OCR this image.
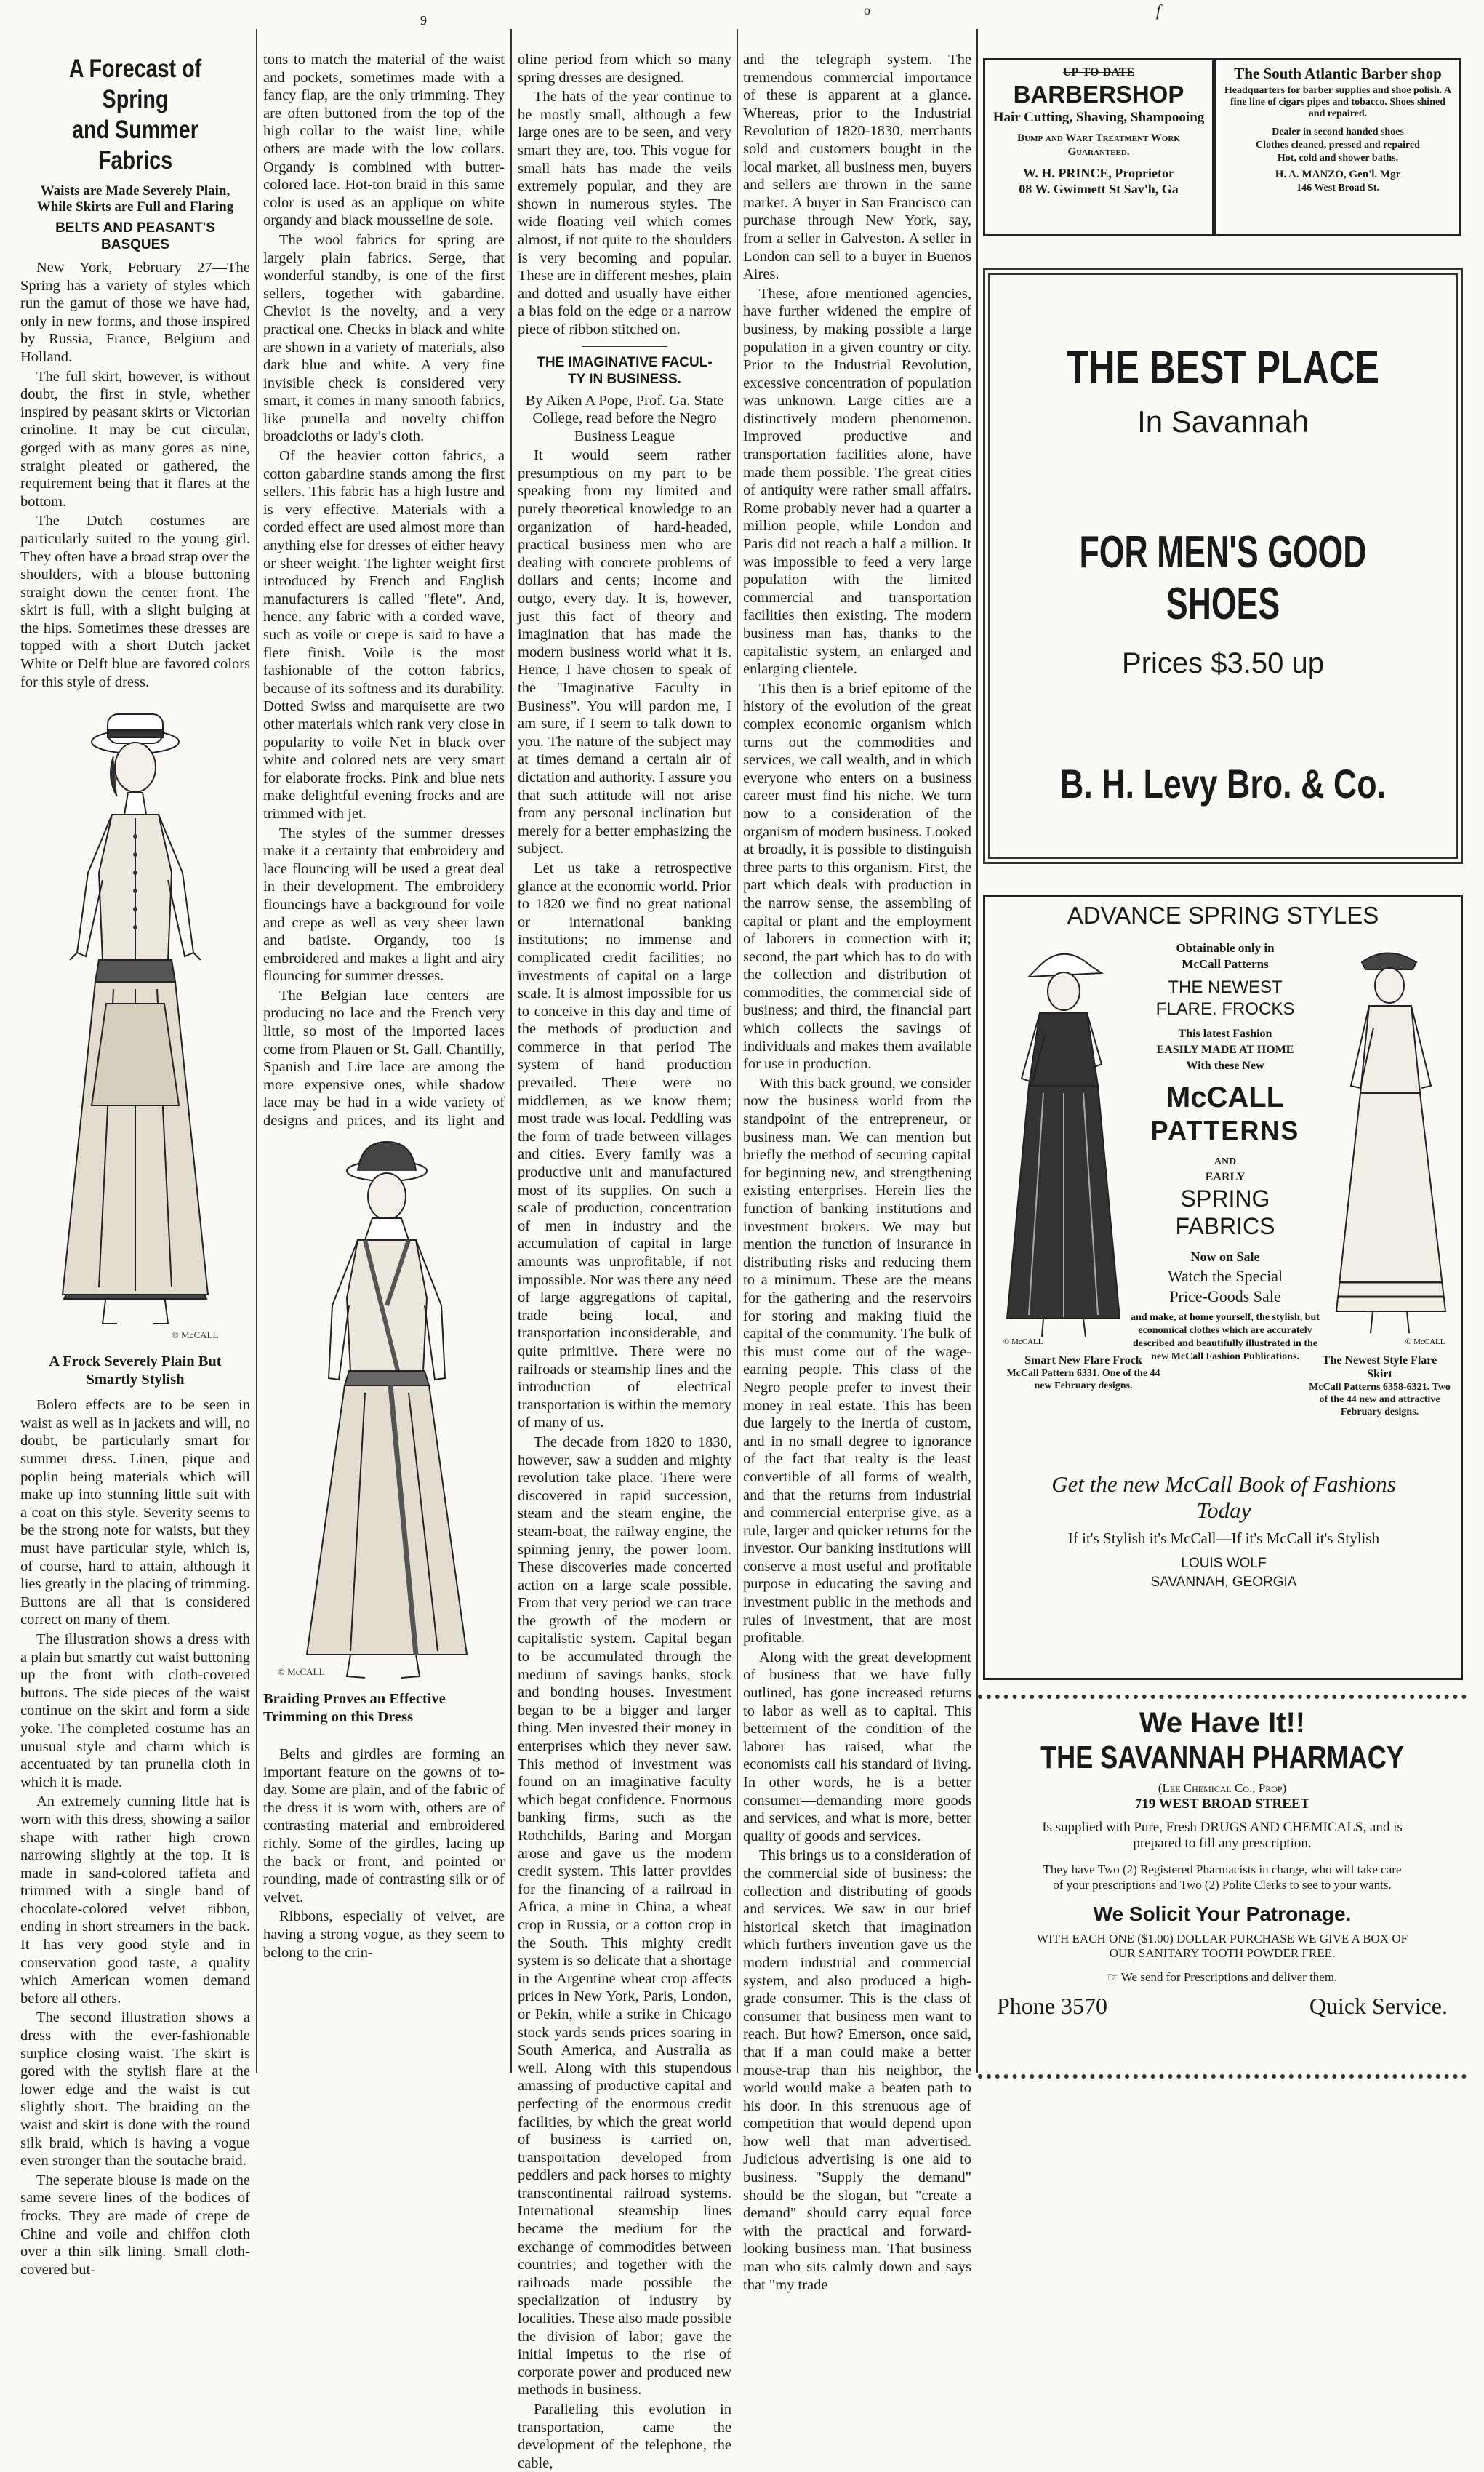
9
o	f
A Forecast of Spring
and Summer Fabrics
Waists are Made Severely Plain,
While Skirts are Full and Flaring
BELTS AND PEASANT'S
BASQUES

New York, February 27—The Spring has a variety of styles which run the gamut of those we have had, only in new forms, and those inspired by Russia, France, Belgium and Holland.

The full skirt, however, is without doubt, the first in style, whether inspired by peasant skirts or Victorian crinoline. It may be cut circular, gorged with as many gores as nine, straight pleated or gathered, the requirement being that it flares at the bottom.

The Dutch costumes are particularly suited to the young girl. They often have a broad strap over the shoulders, with a blouse buttoning straight down the center front. The skirt is full, with a slight bulging at the hips. Sometimes these dresses are topped with a short Dutch jacket White or Delft blue are favored colors for this style of dress.

© McCALL
A Frock Severely Plain But
Smartly Stylish

Bolero effects are to be seen in waist as well as in jackets and will, no doubt, be particularly smart for summer dress. Linen, pique and poplin being materials which will make up into stunning little suit with a coat on this style. Severity seems to be the strong note for waists, but they must have particular style, which is, of course, hard to attain, although it lies greatly in the placing of trimming. Buttons are all that is considered correct on many of them.

The illustration shows a dress with a plain but smartly cut waist buttoning up the front with cloth-covered buttons. The side pieces of the waist continue on the skirt and form a side yoke. The completed costume has an unusual style and charm which is accentuated by tan prunella cloth in which it is made.

An extremely cunning little hat is worn with this dress, showing a sailor shape with rather high crown narrowing slightly at the top. It is made in sand-colored taffeta and trimmed with a single band of chocolate-colored velvet ribbon, ending in short streamers in the back. It has very good style and in conservation good taste, a quality which American women demand before all others.

The second illustration shows a dress with the ever-fashionable surplice closing waist. The skirt is gored with the stylish flare at the lower edge and the waist is cut slightly short. The braiding on the waist and skirt is done with the round silk braid, which is having a vogue even stronger than the soutache braid.

The seperate blouse is made on the same severe lines of the bodices of frocks. They are made of crepe de Chine and voile and chiffon cloth over a thin silk lining. Small cloth-covered but-

tons to match the material of the waist and pockets, sometimes made with a fancy flap, are the only trimming. They are often buttoned from the top of the high collar to the waist line, while others are made with the low collars. Organdy is combined with butter-colored lace. Hot-ton braid in this same color is used as an applique on white organdy and black mousseline de soie.

The wool fabrics for spring are largely plain fabrics. Serge, that wonderful standby, is one of the first sellers, together with gabardine. Cheviot is the novelty, and a very practical one. Checks in black and white are shown in a variety of materials, also dark blue and white. A very fine invisible check is considered very smart, it comes in many smooth fabrics, like prunella and novelty chiffon broadcloths or lady's cloth.

Of the heavier cotton fabrics, a cotton gabardine stands among the first sellers. This fabric has a high lustre and is very effective. Materials with a corded effect are used almost more than anything else for dresses of either heavy or sheer weight. The lighter weight first introduced by French and English manufacturers is called "flete". And, hence, any fabric with a corded wave, such as voile or crepe is said to have a flete finish. Voile is the most fashionable of the cotton fabrics, because of its softness and its durability. Dotted Swiss and marquisette are two other materials which rank very close in popularity to voile Net in black over white and colored nets are very smart for elaborate frocks. Pink and blue nets make delightful evening frocks and are trimmed with jet.

The styles of the summer dresses make it a certainty that embroidery and lace flouncing will be used a great deal in their development. The embroidery flouncings have a background for voile and crepe as well as very sheer lawn and batiste. Organdy, too is embroidered and makes a light and airy flouncing for summer dresses.

The Belgian lace centers are producing no lace and the French very little, so most of the imported laces come from Plauen or St. Gall. Chantilly, Spanish and Lire lace are among the more expensive ones, while shadow lace may be had in a wide variety of designs and prices, and its light and

Belts and girdles are forming an important feature on the gowns of to-day. Some are plain, and of the fabric of the dress it is worn with, others are of contrasting material and embroidered richly. Some of the girdles, lacing up the back or front, and pointed or rounding, made of contrasting silk or of velvet.

Ribbons, especially of velvet, are having a strong vogue, as they seem to belong to the crin-

© McCALL
Braiding Proves an Effective
Trimming on this Dress

oline period from which so many spring dresses are designed.

The hats of the year continue to be mostly small, although a few large ones are to be seen, and very smart they are, too. This vogue for small hats has made the veils extremely popular, and they are shown in numerous styles. The wide floating veil which comes almost, if not quite to the shoulders is very becoming and popular. These are in different meshes, plain and dotted and usually have either a bias fold on the edge or a narrow piece of ribbon stitched on.

THE IMAGINATIVE FACUL-
TY IN BUSINESS.

By Aiken A Pope, Prof. Ga. State College, read before the Negro Business League

It would seem rather presumptious on my part to be speaking from my limited and purely theoretical knowledge to an organization of hard-headed, practical business men who are dealing with concrete problems of dollars and cents; income and outgo, every day. It is, however, just this fact of theory and imagination that has made the modern business world what it is. Hence, I have chosen to speak of the "Imaginative Faculty in Business". You will pardon me, I am sure, if I seem to talk down to you. The nature of the subject may at times demand a certain air of dictation and authority. I assure you that such attitude will not arise from any personal inclination but merely for a better emphasizing the subject.

Let us take a retrospective glance at the economic world. Prior to 1820 we find no great national or international banking institutions; no immense and complicated credit facilities; no investments of capital on a large scale. It is almost impossible for us to conceive in this day and time of the methods of production and commerce in that period The system of hand production prevailed. There were no middlemen, as we know them; most trade was local. Peddling was the form of trade between villages and cities. Every family was a productive unit and manufactured most of its supplies. On such a scale of production, concentration of men in industry and the accumulation of capital in large amounts was unprofitable, if not impossible. Nor was there any need of large aggregations of capital, trade being local, and transportation inconsiderable, and quite primitive. There were no railroads or steamship lines and the introduction of electrical transportation is within the memory of many of us.

The decade from 1820 to 1830, however, saw a sudden and mighty revolution take place. There were discovered in rapid succession, steam and the steam engine, the steam-boat, the railway engine, the spinning jenny, the power loom. These discoveries made concerted action on a large scale possible. From that very period we can trace the growth of the modern or capitalistic system. Capital began to be accumulated through the medium of savings banks, stock and bonding houses. Investment began to be a bigger and larger thing. Men invested their money in enterprises which they never saw. This method of investment was found on an imaginative faculty which begat confidence. Enormous banking firms, such as the Rothchilds, Baring and Morgan arose and gave us the modern credit system. This latter provides for the financing of a railroad in Africa, a mine in China, a wheat crop in Russia, or a cotton crop in the South. This mighty credit system is so delicate that a shortage in the Argentine wheat crop affects prices in New York, Paris, London, or Pekin, while a strike in Chicago stock yards sends prices soaring in South America, and Australia as well. Along with this stupendous amassing of productive capital and perfecting of the enormous credit facilities, by which the great world of business is carried on, transportation developed from peddlers and pack horses to mighty transcontinental railroad systems. International steamship lines became the medium for the exchange of commodities between countries; and together with the railroads made possible the specialization of industry by localities. These also made possible the division of labor; gave the initial impetus to the rise of corporate power and produced new methods in business.

Paralleling this evolution in transportation, came the development of the telephone, the cable,

and the telegraph system. The tremendous commercial importance of these is apparent at a glance. Whereas, prior to the Industrial Revolution of 1820-1830, merchants sold and customers bought in the local market, all business men, buyers and sellers are thrown in the same market. A buyer in San Francisco can purchase through New York, say, from a seller in Galveston. A seller in London can sell to a buyer in Buenos Aires.

These, afore mentioned agencies, have further widened the empire of business, by making possible a large population in a given country or city. Prior to the Industrial Revolution, excessive concentration of population was unknown. Large cities are a distinctively modern phenomenon. Improved productive and transportation facilities alone, have made them possible. The great cities of antiquity were rather small affairs. Rome probably never had a quarter a million people, while London and Paris did not reach a half a million. It was impossible to feed a very large population with the limited commercial and transportation facilities then existing. The modern business man has, thanks to the capitalistic system, an enlarged and enlarging clientele.

This then is a brief epitome of the history of the evolution of the great complex economic organism which turns out the commodities and services, we call wealth, and in which everyone who enters on a business career must find his niche. We turn now to a consideration of the organism of modern business. Looked at broadly, it is possible to distinguish three parts to this organism. First, the part which deals with production in the narrow sense, the assembling of capital or plant and the employment of laborers in connection with it; second, the part which has to do with the collection and distribution of commodities, the commercial side of business; and third, the financial part which collects the savings of individuals and makes them available for use in production.

With this back ground, we consider now the business world from the standpoint of the entrepreneur, or business man. We can mention but briefly the method of securing capital for beginning new, and strengthening existing enterprises. Herein lies the function of banking institutions and investment brokers. We may but mention the function of insurance in distributing risks and reducing them to a minimum. These are the means for the gathering and the reservoirs for storing and making fluid the capital of the community. The bulk of this must come out of the wage-earning people. This class of the Negro people prefer to invest their money in real estate. This has been due largely to the inertia of custom, and in no small degree to ignorance of the fact that realty is the least convertible of all forms of wealth, and that the returns from industrial and commercial enterprise give, as a rule, larger and quicker returns for the investor. Our banking institutions will conserve a most useful and profitable purpose in educating the saving and investment public in the methods and rules of investment, that are most profitable.

Along with the great development of business that we have fully outlined, has gone increased returns to labor as well as to capital. This betterment of the condition of the laborer has raised, what the economists call his standard of living. In other words, he is a better consumer—demanding more goods and services, and what is more, better quality of goods and services.

This brings us to a consideration of the commercial side of business: the collection and distributing of goods and services. We saw in our brief historical sketch that imagination which furthers invention gave us the modern industrial and commercial system, and also produced a high-grade consumer. This is the class of consumer that business men want to reach. But how? Emerson, once said, that if a man could make a better mouse-trap than his neighbor, the world would make a beaten path to his door. In this strenuous age of competition that would depend upon how well that man advertised. Judicious advertising is one aid to business. "Supply the demand" should be the slogan, but "create a demand" should carry equal force with the practical and forward-looking business man. That business man who sits calmly down and says that "my trade

UP-TO-DATE
BARBERSHOP
Hair Cutting, Shaving, Shampooing
Bump and Wart Treatment Work Guaranteed.
W. H. PRINCE, Proprietor
08 W. Gwinnett St Sav'h, Ga
The South Atlantic Barber shop
Headquarters for barber supplies and shoe polish. A fine line of cigars pipes and tobacco. Shoes shined and repaired.
Dealer in second handed shoes
Clothes cleaned, pressed and repaired
Hot, cold and shower baths.
H. A. MANZO, Gen'l. Mgr
146 West Broad St.
THE BEST PLACE
In Savannah
FOR MEN'S GOOD SHOES
Prices $3.50 up
B. H. Levy Bro. & Co.
ADVANCE SPRING STYLES
© McCALL	© McCALL
Obtainable only in
McCall Patterns
THE NEWEST
FLARE. FROCKS
This latest Fashion
EASILY MADE AT HOME
With these New
McCALL
PATTERNS
AND
EARLY
SPRING
FABRICS
Now on Sale
Watch the Special
Price-Goods Sale
and make, at home yourself, the stylish, but economical clothes which are accurately described and beautifully illustrated in the new McCall Fashion Publications.
Smart New Flare Frock
McCall Pattern 6331. One of the 44 new February designs.
The Newest Style Flare Skirt
McCall Patterns 6358-6321. Two of the 44 new and attractive February designs.
Get the new McCall Book of Fashions Today
If it's Stylish it's McCall—If it's McCall it's Stylish
LOUIS WOLF
SAVANNAH, GEORGIA
We Have It!!
THE SAVANNAH PHARMACY
(Lee Chemical Co., Prop)
719 WEST BROAD STREET
Is supplied with Pure, Fresh DRUGS AND CHEMICALS, and is prepared to fill any prescription.
They have Two (2) Registered Pharmacists in charge, who will take care of your prescriptions and Two (2) Polite Clerks to see to your wants.
We Solicit Your Patronage.
WITH EACH ONE ($1.00) DOLLAR PURCHASE WE GIVE A BOX OF OUR SANITARY TOOTH POWDER FREE.
☞ We send for Prescriptions and deliver them.
Phone 3570	Quick Service.
